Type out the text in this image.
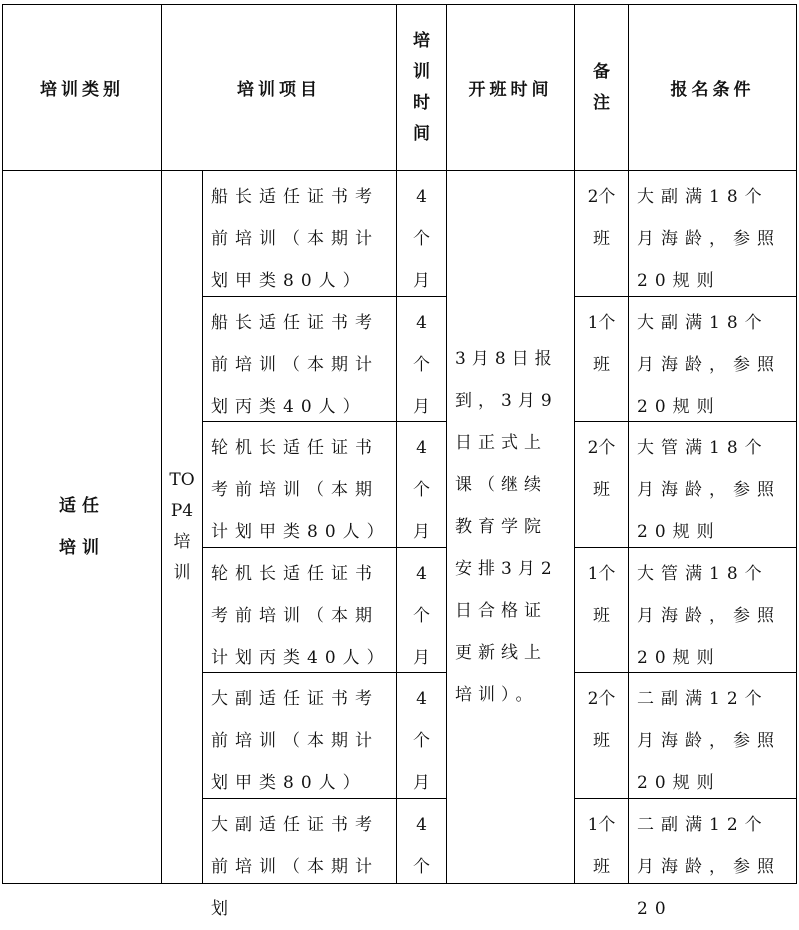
培训类别	培训项目
培
训
时
间
开班时间
备
注
报名条件
适任
培训
TO
P4
培
训
3月8日报到，3月9日正式上课（继续教育学院安排3月2日合格证更新线上培训）。
船长适任证书考前培训（本期计划甲类80人）
4
个
月
2个
班
大副满18个月海龄，参照20规则
船长适任证书考前培训（本期计划丙类40人）
4
个
月
1个
班
大副满18个月海龄，参照20规则
轮机长适任证书考前培训（本期计划甲类80人）
4
个
月
2个
班
大管满18个月海龄，参照20规则
轮机长适任证书考前培训（本期计划丙类40人）
4
个
月
1个
班
大管满18个月海龄，参照20规则
大副适任证书考前培训（本期计划甲类80人）
4
个
月
2个
班
二副满12个月海龄，参照20规则
大副适任证书考前培训（本期计划
4
个
1个
班
二副满12个月海龄，参照20
